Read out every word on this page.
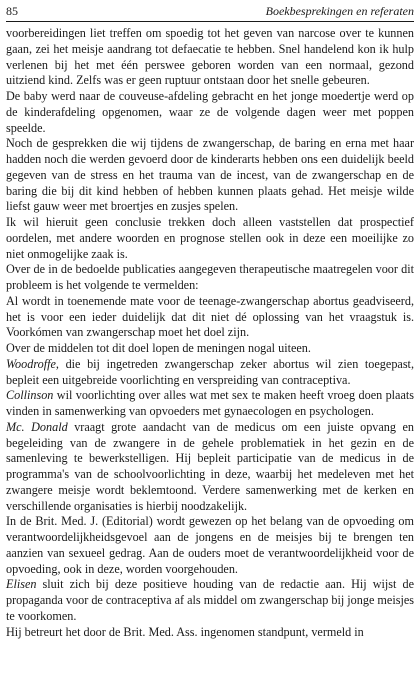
85	Boekbesprekingen en referaten

voorbereidingen liet treffen om spoedig tot het geven van narcose over te kunnen gaan, zei het meisje aandrang tot defaecatie te hebben. Snel handelend kon ik hulp verlenen bij het met één perswee geboren worden van een normaal, gezond uitziend kind. Zelfs was er geen ruptuur ontstaan door het snelle gebeuren.

De baby werd naar de couveuse-afdeling gebracht en het jonge moedertje werd op de kinderafdeling opgenomen, waar ze de volgende dagen weer met poppen speelde.

Noch de gesprekken die wij tijdens de zwangerschap, de baring en erna met haar hadden noch die werden gevoerd door de kinderarts hebben ons een duidelijk beeld gegeven van de stress en het trauma van de incest, van de zwangerschap en de baring die bij dit kind hebben of hebben kunnen plaats gehad. Het meisje wilde liefst gauw weer met broertjes en zusjes spelen.

Ik wil hieruit geen conclusie trekken doch alleen vaststellen dat prospectief oordelen, met andere woorden en prognose stellen ook in deze een moeilijke zo niet onmogelijke zaak is.

Over de in de bedoelde publicaties aangegeven therapeutische maatregelen voor dit probleem is het volgende te vermelden:

Al wordt in toenemende mate voor de teenage-zwangerschap abortus geadviseerd, het is voor een ieder duidelijk dat dit niet dé oplossing van het vraagstuk is. Voorkómen van zwangerschap moet het doel zijn.

Over de middelen tot dit doel lopen de meningen nogal uiteen.

Woodroffe, die bij ingetreden zwangerschap zeker abortus wil zien toegepast, bepleit een uitgebreide voorlichting en verspreiding van contraceptiva.

Collinson wil voorlichting over alles wat met sex te maken heeft vroeg doen plaats vinden in samenwerking van opvoeders met gynaecologen en psychologen.

Mc. Donald vraagt grote aandacht van de medicus om een juiste opvang en begeleiding van de zwangere in de gehele problematiek in het gezin en de samenleving te bewerkstelligen. Hij bepleit participatie van de medicus in de programma's van de schoolvoorlichting in deze, waarbij het medeleven met het zwangere meisje wordt beklemtoond. Verdere samenwerking met de kerken en verschillende organisaties is hierbij noodzakelijk.

In de Brit. Med. J. (Editorial) wordt gewezen op het belang van de opvoeding om verantwoordelijkheidsgevoel aan de jongens en de meisjes bij te brengen ten aanzien van sexueel gedrag. Aan de ouders moet de verantwoordelijkheid voor de opvoeding, ook in deze, worden voorgehouden.

Elisen sluit zich bij deze positieve houding van de redactie aan. Hij wijst de propaganda voor de contraceptiva af als middel om zwangerschap bij jonge meisjes te voorkomen.

Hij betreurt het door de Brit. Med. Ass. ingenomen standpunt, vermeld in
